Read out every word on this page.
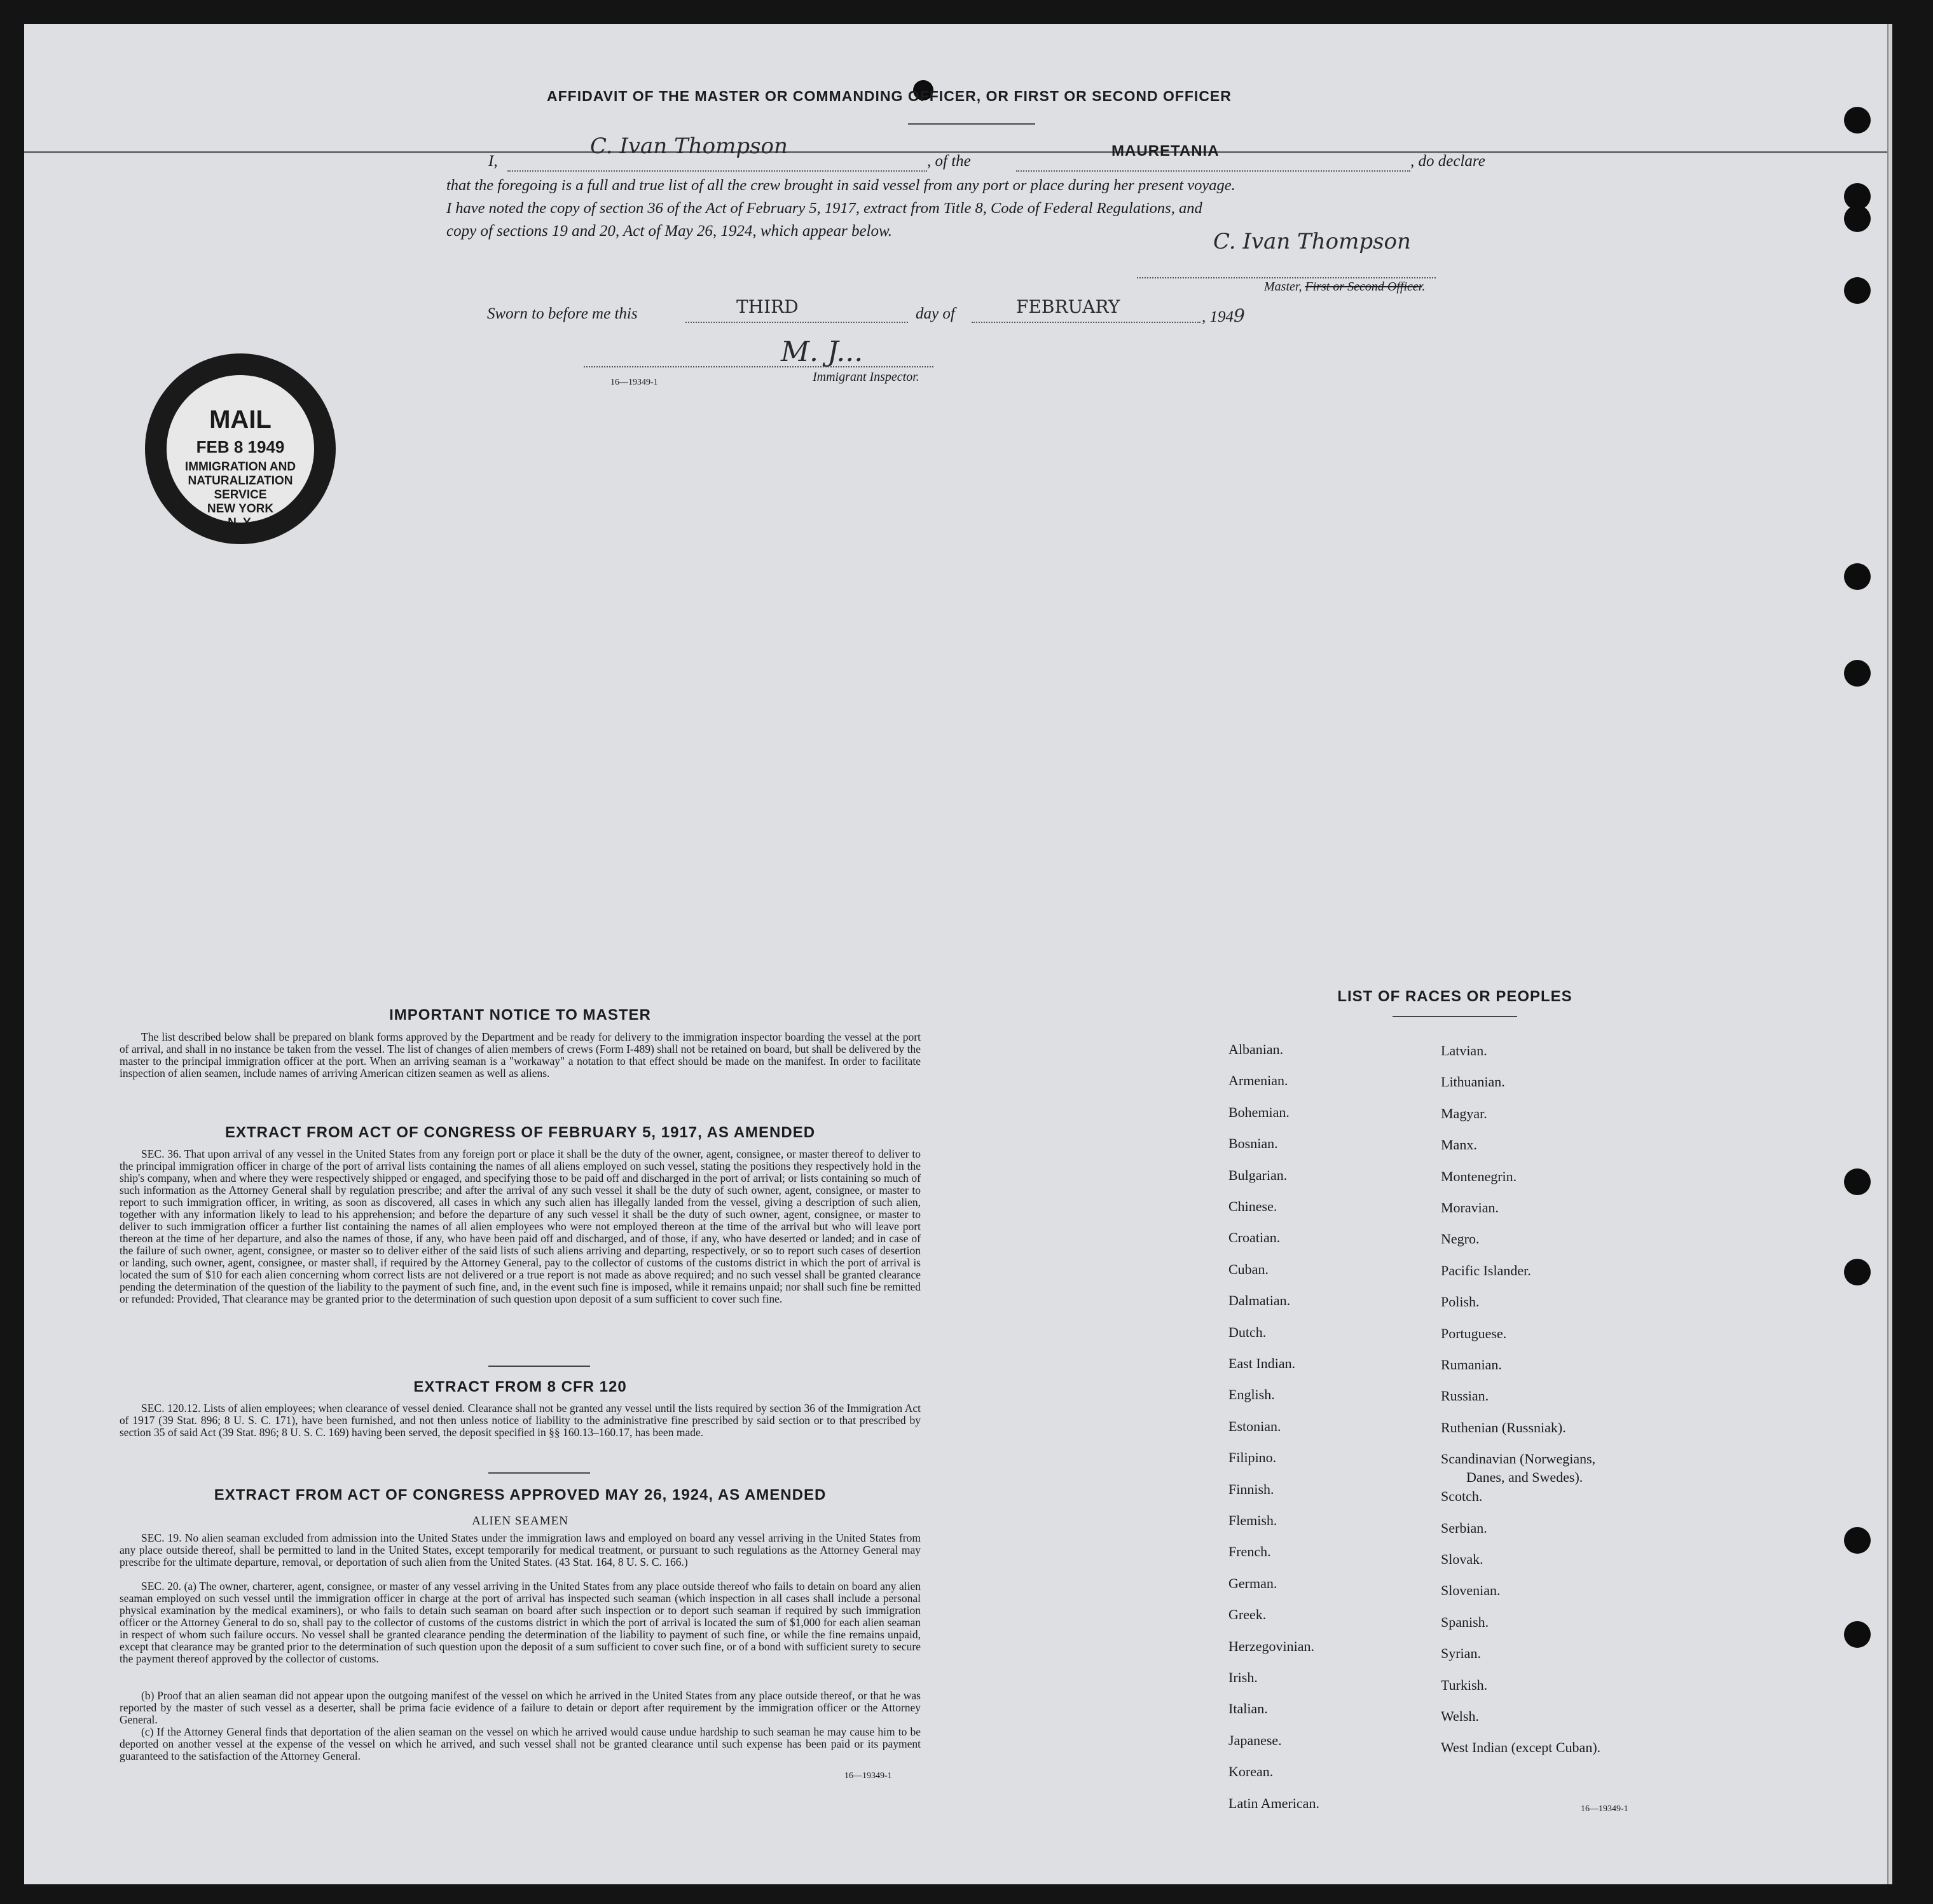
AFFIDAVIT OF THE MASTER OR COMMANDING OFFICER, OR FIRST OR SECOND OFFICER
I,
C. Ivan Thompson
, of the
MAURETANIA
, do declare
that the foregoing is a full and true list of all the crew brought in said vessel from any port or place during her present voyage.
I have noted the copy of section 36 of the Act of February 5, 1917, extract from Title 8, Code of Federal Regulations, and
copy of sections 19 and 20, Act of May 26, 1924, which appear below.	C. Ivan Thompson
Master, First or Second Officer.
Sworn to before me this	THIRD	day of	FEBRUARY	, 1949
M. J...
16—19349-1	Immigrant Inspector.
MAIL
FEB 8 1949
IMMIGRATION AND
NATURALIZATION
SERVICE
NEW YORK
N. Y.
IMPORTANT NOTICE TO MASTER
The list described below shall be prepared on blank forms approved by the Department and be ready for delivery to the immigration inspector boarding the vessel at the port of arrival, and shall in no instance be taken from the vessel. The list of changes of alien members of crews (Form I-489) shall not be retained on board, but shall be delivered by the master to the principal immigration officer at the port. When an arriving seaman is a "workaway" a notation to that effect should be made on the manifest. In order to facilitate inspection of alien seamen, include names of arriving American citizen seamen as well as aliens.
EXTRACT FROM ACT OF CONGRESS OF FEBRUARY 5, 1917, AS AMENDED
SEC. 36. That upon arrival of any vessel in the United States from any foreign port or place it shall be the duty of the owner, agent, consignee, or master thereof to deliver to the principal immigration officer in charge of the port of arrival lists containing the names of all aliens employed on such vessel, stating the positions they respectively hold in the ship's company, when and where they were respectively shipped or engaged, and specifying those to be paid off and discharged in the port of arrival; or lists containing so much of such information as the Attorney General shall by regulation prescribe; and after the arrival of any such vessel it shall be the duty of such owner, agent, consignee, or master to report to such immigration officer, in writing, as soon as discovered, all cases in which any such alien has illegally landed from the vessel, giving a description of such alien, together with any information likely to lead to his apprehension; and before the departure of any such vessel it shall be the duty of such owner, agent, consignee, or master to deliver to such immigration officer a further list containing the names of all alien employees who were not employed thereon at the time of the arrival but who will leave port thereon at the time of her departure, and also the names of those, if any, who have been paid off and discharged, and of those, if any, who have deserted or landed; and in case of the failure of such owner, agent, consignee, or master so to deliver either of the said lists of such aliens arriving and departing, respectively, or so to report such cases of desertion or landing, such owner, agent, consignee, or master shall, if required by the Attorney General, pay to the collector of customs of the customs district in which the port of arrival is located the sum of $10 for each alien concerning whom correct lists are not delivered or a true report is not made as above required; and no such vessel shall be granted clearance pending the determination of the question of the liability to the payment of such fine, and, in the event such fine is imposed, while it remains unpaid; nor shall such fine be remitted or refunded: Provided, That clearance may be granted prior to the determination of such question upon deposit of a sum sufficient to cover such fine.
EXTRACT FROM 8 CFR 120
SEC. 120.12. Lists of alien employees; when clearance of vessel denied. Clearance shall not be granted any vessel until the lists required by section 36 of the Immigration Act of 1917 (39 Stat. 896; 8 U. S. C. 171), have been furnished, and not then unless notice of liability to the administrative fine prescribed by said section or to that prescribed by section 35 of said Act (39 Stat. 896; 8 U. S. C. 169) having been served, the deposit specified in §§ 160.13–160.17, has been made.
EXTRACT FROM ACT OF CONGRESS APPROVED MAY 26, 1924, AS AMENDED
ALIEN SEAMEN
SEC. 19. No alien seaman excluded from admission into the United States under the immigration laws and employed on board any vessel arriving in the United States from any place outside thereof, shall be permitted to land in the United States, except temporarily for medical treatment, or pursuant to such regulations as the Attorney General may prescribe for the ultimate departure, removal, or deportation of such alien from the United States. (43 Stat. 164, 8 U. S. C. 166.)
SEC. 20. (a) The owner, charterer, agent, consignee, or master of any vessel arriving in the United States from any place outside thereof who fails to detain on board any alien seaman employed on such vessel until the immigration officer in charge at the port of arrival has inspected such seaman (which inspection in all cases shall include a personal physical examination by the medical examiners), or who fails to detain such seaman on board after such inspection or to deport such seaman if required by such immigration officer or the Attorney General to do so, shall pay to the collector of customs of the customs district in which the port of arrival is located the sum of $1,000 for each alien seaman in respect of whom such failure occurs. No vessel shall be granted clearance pending the determination of the liability to payment of such fine, or while the fine remains unpaid, except that clearance may be granted prior to the determination of such question upon the deposit of a sum sufficient to cover such fine, or of a bond with sufficient surety to secure the payment thereof approved by the collector of customs.
(b) Proof that an alien seaman did not appear upon the outgoing manifest of the vessel on which he arrived in the United States from any place outside thereof, or that he was reported by the master of such vessel as a deserter, shall be prima facie evidence of a failure to detain or deport after requirement by the immigration officer or the Attorney General.
(c) If the Attorney General finds that deportation of the alien seaman on the vessel on which he arrived would cause undue hardship to such seaman he may cause him to be deported on another vessel at the expense of the vessel on which he arrived, and such vessel shall not be granted clearance until such expense has been paid or its payment guaranteed to the satisfaction of the Attorney General.
16—19349-1
LIST OF RACES OR PEOPLES
16—19349-1
Albanian.
Armenian.
Bohemian.
Bosnian.
Bulgarian.
Chinese.
Croatian.
Cuban.
Dalmatian.
Dutch.
East Indian.
English.
Estonian.
Filipino.
Finnish.
Flemish.
French.
German.
Greek.
Herzegovinian.
Irish.
Italian.
Japanese.
Korean.
Latin American.
Latvian.
Lithuanian.
Magyar.
Manx.
Montenegrin.
Moravian.
Negro.
Pacific Islander.
Polish.
Portuguese.
Rumanian.
Russian.
Ruthenian (Russniak).
Scandinavian (Norwegians,
Danes, and Swedes).
Scotch.
Serbian.
Slovak.
Slovenian.
Spanish.
Syrian.
Turkish.
Welsh.
West Indian (except Cuban).
